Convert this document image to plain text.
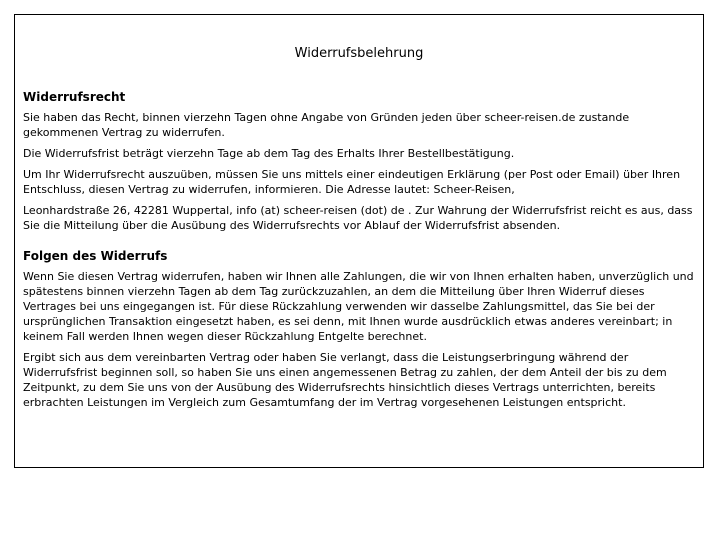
Widerrufsbelehrung
Widerrufsrecht

Sie haben das Recht, binnen vierzehn Tagen ohne Angabe von Gründen jeden über scheer-reisen.de zustande gekommenen Vertrag zu widerrufen.

Die Widerrufsfrist beträgt vierzehn Tage ab dem Tag des Erhalts Ihrer Bestellbestätigung.

Um Ihr Widerrufsrecht auszuüben, müssen Sie uns mittels einer eindeutigen Erklärung (per Post oder Email) über Ihren Entschluss, diesen Vertrag zu widerrufen, informieren. Die Adresse lautet: Scheer-Reisen,

Leonhardstraße 26, 42281 Wuppertal, info (at) scheer-reisen (dot) de . Zur Wahrung der Widerrufsfrist reicht es aus, dass Sie die Mitteilung über die Ausübung des Widerrufsrechts vor Ablauf der Widerrufsfrist absenden.

Folgen des Widerrufs

Wenn Sie diesen Vertrag widerrufen, haben wir Ihnen alle Zahlungen, die wir von Ihnen erhalten haben, unverzüglich und spätestens binnen vierzehn Tagen ab dem Tag zurückzuzahlen, an dem die Mitteilung über Ihren Widerruf dieses Vertrages bei uns eingegangen ist. Für diese Rückzahlung verwenden wir dasselbe Zahlungsmittel, das Sie bei der ursprünglichen Transaktion eingesetzt haben, es sei denn, mit Ihnen wurde ausdrücklich etwas anderes vereinbart; in keinem Fall werden Ihnen wegen dieser Rückzahlung Entgelte berechnet.

Ergibt sich aus dem vereinbarten Vertrag oder haben Sie verlangt, dass die Leistungserbringung während der Widerrufsfrist beginnen soll, so haben Sie uns einen angemessenen Betrag zu zahlen, der dem Anteil der bis zu dem Zeitpunkt, zu dem Sie uns von der Ausübung des Widerrufsrechts hinsichtlich dieses Vertrags unterrichten, bereits erbrachten Leistungen im Vergleich zum Gesamtumfang der im Vertrag vorgesehenen Leistungen entspricht.
